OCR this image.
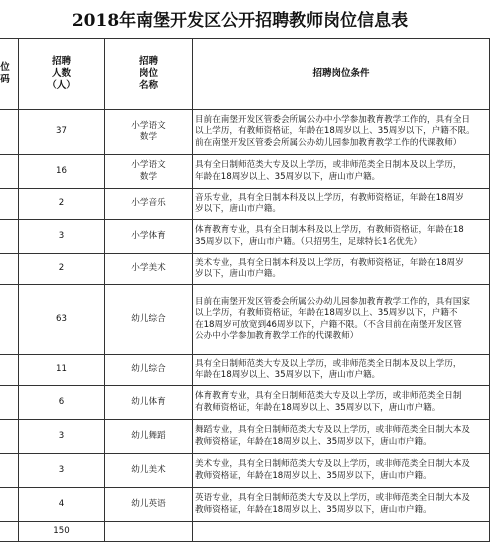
2018年南堡开发区公开招聘教师岗位信息表
位
码	招聘
人数
（人）	招聘
岗位
名称	招聘岗位条件
	37	小学语文
数学	目前在南堡开发区管委会所属公办中小学参加教育教学工作的，具有全日
以上学历，有教师资格证，年龄在18周岁以上、35周岁以下，户籍不限。
前在南堡开发区管委会所属公办幼儿园参加教育教学工作的代课教师）

	16	小学语文
数学	具有全日制师范类大专及以上学历，或非师范类全日制本及以上学历，
年龄在18周岁以上、35周岁以下，唐山市户籍。

	2	小学音乐	音乐专业，具有全日制本科及以上学历，有教师资格证，年龄在18周岁
岁以下，唐山市户籍。

	3	小学体育	体育教育专业，具有全日制本科及以上学历，有教师资格证，年龄在18
35周岁以下，唐山市户籍。（只招男生，足球特长1名优先）

	2	小学美术	美术专业，具有全日制本科及以上学历，有教师资格证，年龄在18周岁
岁以下，唐山市户籍。

	63	幼儿综合	目前在南堡开发区管委会所属公办幼儿园参加教育教学工作的，具有国家
以上学历，有教师资格证，年龄在18周岁以上、35周岁以下，户籍不
在18周岁可放宽到46周岁以下，户籍不限。（不含目前在南堡开发区管
公办中小学参加教育教学工作的代课教师）

	11	幼儿综合	具有全日制师范类大专及以上学历，或非师范类全日制本及以上学历，
年龄在18周岁以上、35周岁以下，唐山市户籍。

	6	幼儿体育	体育教育专业，具有全日制师范类大专及以上学历，或非师范类全日制
有教师资格证，年龄在18周岁以上、35周岁以下，唐山市户籍。

	3	幼儿舞蹈	舞蹈专业，具有全日制师范类大专及以上学历，或非师范类全日制大本及
教师资格证，年龄在18周岁以上、35周岁以下，唐山市户籍。

	3	幼儿美术	美术专业，具有全日制师范类大专及以上学历，或非师范类全日制大本及
教师资格证，年龄在18周岁以上、35周岁以下，唐山市户籍。

	4	幼儿英语	英语专业，具有全日制师范类大专及以上学历，或非师范类全日制大本及
教师资格证，年龄在18周岁以上、35周岁以下，唐山市户籍。

	150		
